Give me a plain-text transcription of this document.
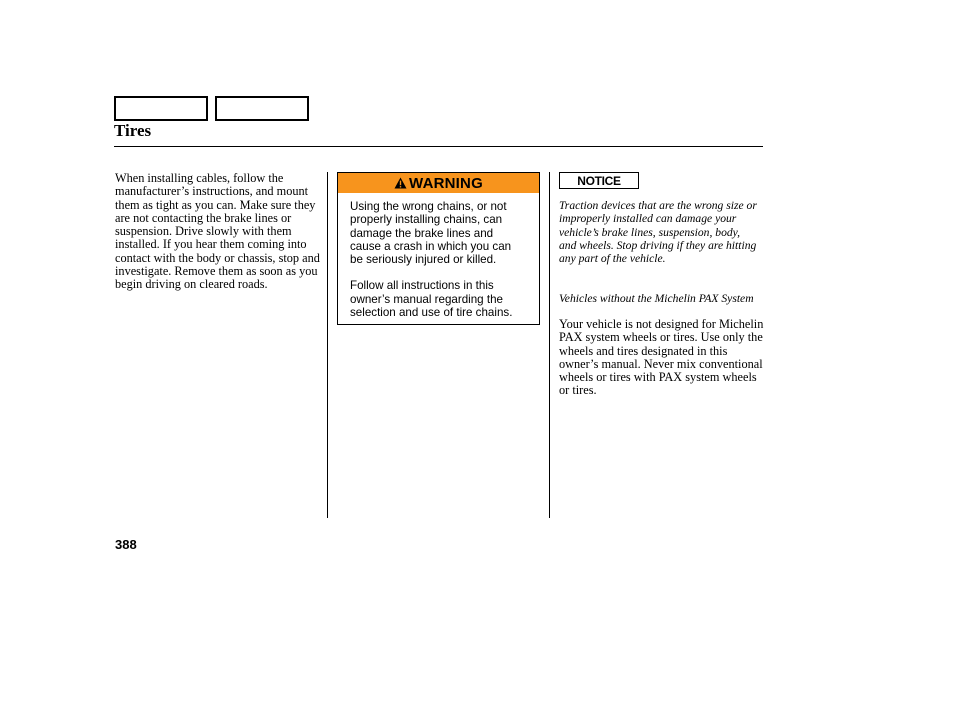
Tires
When installing cables, follow the manufacturer’s instructions, and mount them as tight as you can. Make sure they are not contacting the brake lines or suspension. Drive slowly with them installed. If you hear them coming into contact with the body or chassis, stop and investigate. Remove them as soon as you begin driving on cleared roads.
WARNING

Using the wrong chains, or not properly installing chains, can damage the brake lines and cause a crash in which you can be seriously injured or killed.

Follow all instructions in this owner’s manual regarding the selection and use of tire chains.

NOTICE
Traction devices that are the wrong size or improperly installed can damage your vehicle’s brake lines, suspension, body, and wheels. Stop driving if they are hitting any part of the vehicle.
Vehicles without the Michelin PAX System
Your vehicle is not designed for Michelin PAX system wheels or tires. Use only the wheels and tires designated in this owner’s manual. Never mix conventional wheels or tires with PAX system wheels or tires.
388
